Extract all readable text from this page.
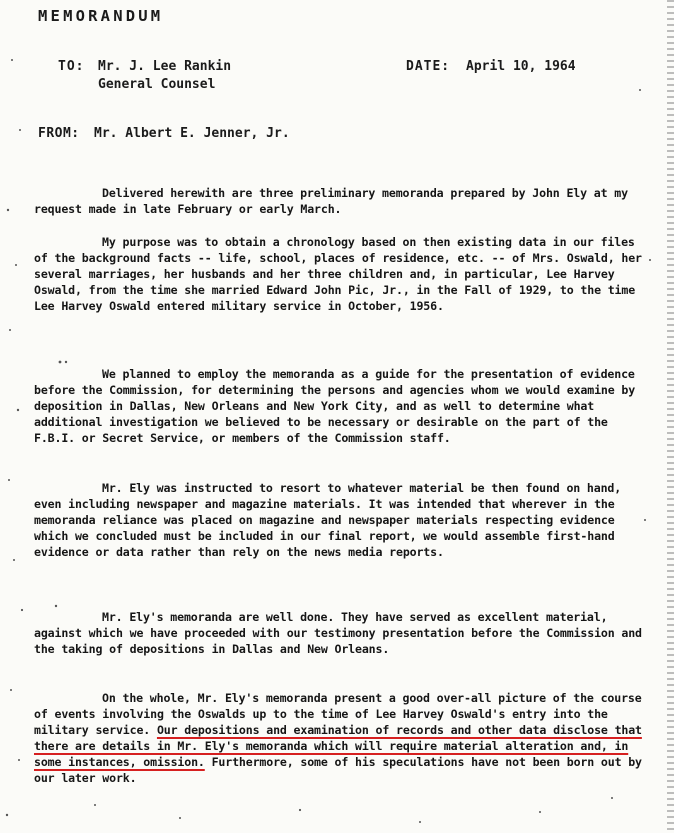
MEMORANDUM
TO: Mr. J. Lee Rankin
General Counsel
DATE: April 10, 1964
FROM: Mr. Albert E. Jenner, Jr.

Delivered herewith are three preliminary memoranda prepared by John Ely at my request made in late February or early March.

My purpose was to obtain a chronology based on then existing data in our files of the background facts -- life, school, places of residence, etc. -- of Mrs. Oswald, her several marriages, her husbands and her three children and, in particular, Lee Harvey Oswald, from the time she married Edward John Pic, Jr., in the Fall of 1929, to the time Lee Harvey Oswald entered military service in October, 1956.

We planned to employ the memoranda as a guide for the presentation of evidence before the Commission, for determining the persons and agencies whom we would examine by deposition in Dallas, New Orleans and New York City, and as well to determine what additional investigation we believed to be necessary or desirable on the part of the F.B.I. or Secret Service, or members of the Commission staff.

Mr. Ely was instructed to resort to whatever material be then found on hand, even including newspaper and magazine materials. It was intended that wherever in the memoranda reliance was placed on magazine and newspaper materials respecting evidence which we concluded must be included in our final report, we would assemble first-hand evidence or data rather than rely on the news media reports.

Mr. Ely's memoranda are well done. They have served as excellent material, against which we have proceeded with our testimony presentation before the Commission and the taking of depositions in Dallas and New Orleans.

On the whole, Mr. Ely's memoranda present a good over-all picture of the course of events involving the Oswalds up to the time of Lee Harvey Oswald's entry into the military service. Our depositions and examination of records and other data disclose that there are details in Mr. Ely's memoranda which will require material alteration and, in some instances, omission. Furthermore, some of his speculations have not been born out by our later work.
